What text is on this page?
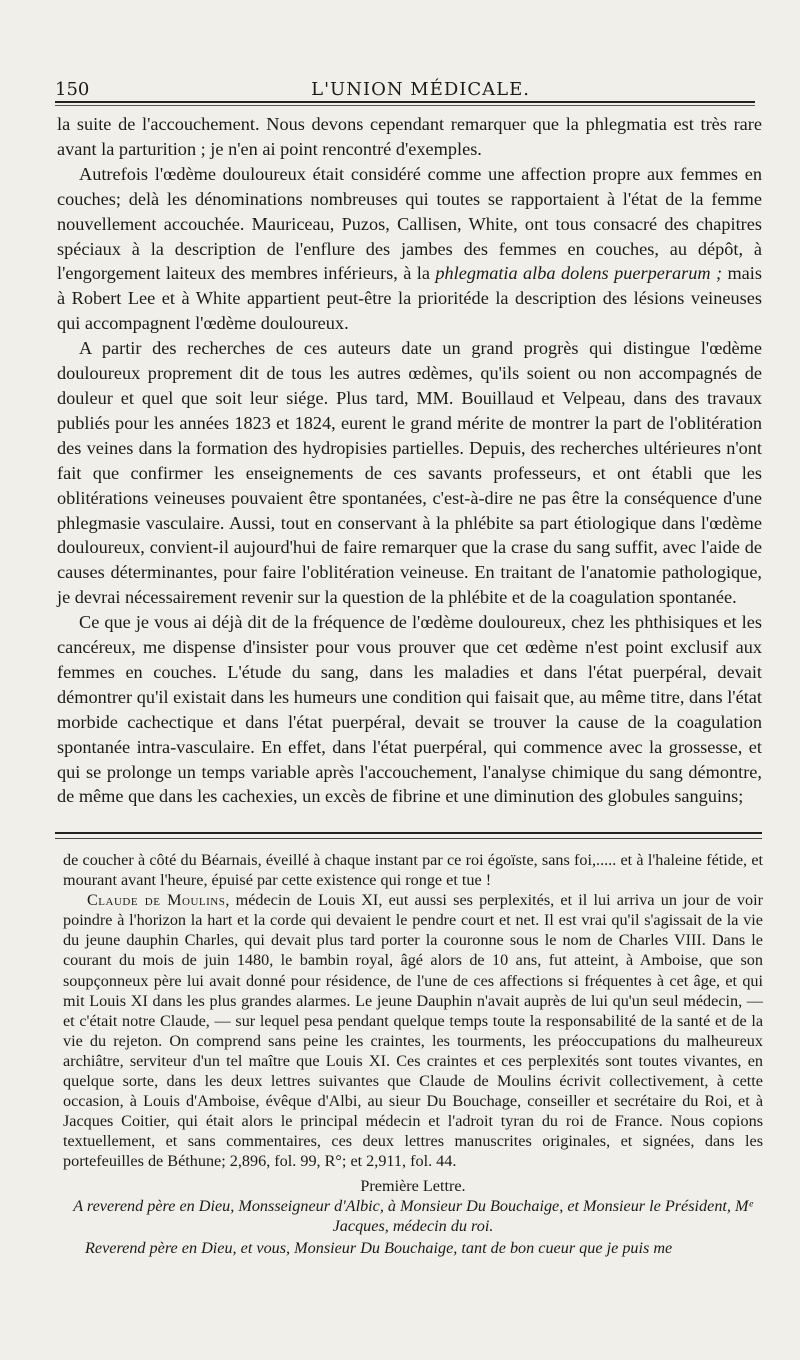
150	L'UNION MÉDICALE.

la suite de l'accouchement. Nous devons cependant remarquer que la phlegmatia est très rare avant la parturition ; je n'en ai point rencontré d'exemples.

Autrefois l'œdème douloureux était considéré comme une affection propre aux femmes en couches; delà les dénominations nombreuses qui toutes se rapportaient à l'état de la femme nouvellement accouchée. Mauriceau, Puzos, Callisen, White, ont tous consacré des chapitres spéciaux à la description de l'enflure des jambes des femmes en couches, au dépôt, à l'engorgement laiteux des membres inférieurs, à la phlegmatia alba dolens puerperarum ; mais à Robert Lee et à White appartient peut-être la prioritéde la description des lésions veineuses qui accompagnent l'œdème douloureux.

A partir des recherches de ces auteurs date un grand progrès qui distingue l'œdème douloureux proprement dit de tous les autres œdèmes, qu'ils soient ou non accompagnés de douleur et quel que soit leur siége. Plus tard, MM. Bouillaud et Velpeau, dans des travaux publiés pour les années 1823 et 1824, eurent le grand mérite de montrer la part de l'oblitération des veines dans la formation des hydropisies partielles. Depuis, des recherches ultérieures n'ont fait que confirmer les enseignements de ces savants professeurs, et ont établi que les oblitérations veineuses pouvaient être spontanées, c'est-à-dire ne pas être la conséquence d'une phlegmasie vasculaire. Aussi, tout en conservant à la phlébite sa part étiologique dans l'œdème douloureux, convient-il aujourd'hui de faire remarquer que la crase du sang suffit, avec l'aide de causes déterminantes, pour faire l'oblitération veineuse. En traitant de l'anatomie pathologique, je devrai nécessairement revenir sur la question de la phlébite et de la coagulation spontanée.

Ce que je vous ai déjà dit de la fréquence de l'œdème douloureux, chez les phthisiques et les cancéreux, me dispense d'insister pour vous prouver que cet œdème n'est point exclusif aux femmes en couches. L'étude du sang, dans les maladies et dans l'état puerpéral, devait démontrer qu'il existait dans les humeurs une condition qui faisait que, au même titre, dans l'état morbide cachectique et dans l'état puerpéral, devait se trouver la cause de la coagulation spontanée intra-vasculaire. En effet, dans l'état puerpéral, qui commence avec la grossesse, et qui se prolonge un temps variable après l'accouchement, l'analyse chimique du sang démontre, de même que dans les cachexies, un excès de fibrine et une diminution des globules sanguins;

de coucher à côté du Béarnais, éveillé à chaque instant par ce roi égoïste, sans foi,..... et à l'haleine fétide, et mourant avant l'heure, épuisé par cette existence qui ronge et tue !

Claude de Moulins, médecin de Louis XI, eut aussi ses perplexités, et il lui arriva un jour de voir poindre à l'horizon la hart et la corde qui devaient le pendre court et net. Il est vrai qu'il s'agissait de la vie du jeune dauphin Charles, qui devait plus tard porter la couronne sous le nom de Charles VIII. Dans le courant du mois de juin 1480, le bambin royal, âgé alors de 10 ans, fut atteint, à Amboise, que son soupçonneux père lui avait donné pour résidence, de l'une de ces affections si fréquentes à cet âge, et qui mit Louis XI dans les plus grandes alarmes. Le jeune Dauphin n'avait auprès de lui qu'un seul médecin, — et c'était notre Claude, — sur lequel pesa pendant quelque temps toute la responsabilité de la santé et de la vie du rejeton. On comprend sans peine les craintes, les tourments, les préoccupations du malheureux archiâtre, serviteur d'un tel maître que Louis XI. Ces craintes et ces perplexités sont toutes vivantes, en quelque sorte, dans les deux lettres suivantes que Claude de Moulins écrivit collectivement, à cette occasion, à Louis d'Amboise, évêque d'Albi, au sieur Du Bouchage, conseiller et secrétaire du Roi, et à Jacques Coitier, qui était alors le principal médecin et l'adroit tyran du roi de France. Nous copions textuellement, et sans commentaires, ces deux lettres manuscrites originales, et signées, dans les portefeuilles de Béthune; 2,896, fol. 99, R°; et 2,911, fol. 44.

Première Lettre.

A reverend père en Dieu, Monsseigneur d'Albic, à Monsieur Du Bouchaige, et Monsieur le Président, Mᵉ Jacques, médecin du roi.

Reverend père en Dieu, et vous, Monsieur Du Bouchaige, tant de bon cueur que je puis me
